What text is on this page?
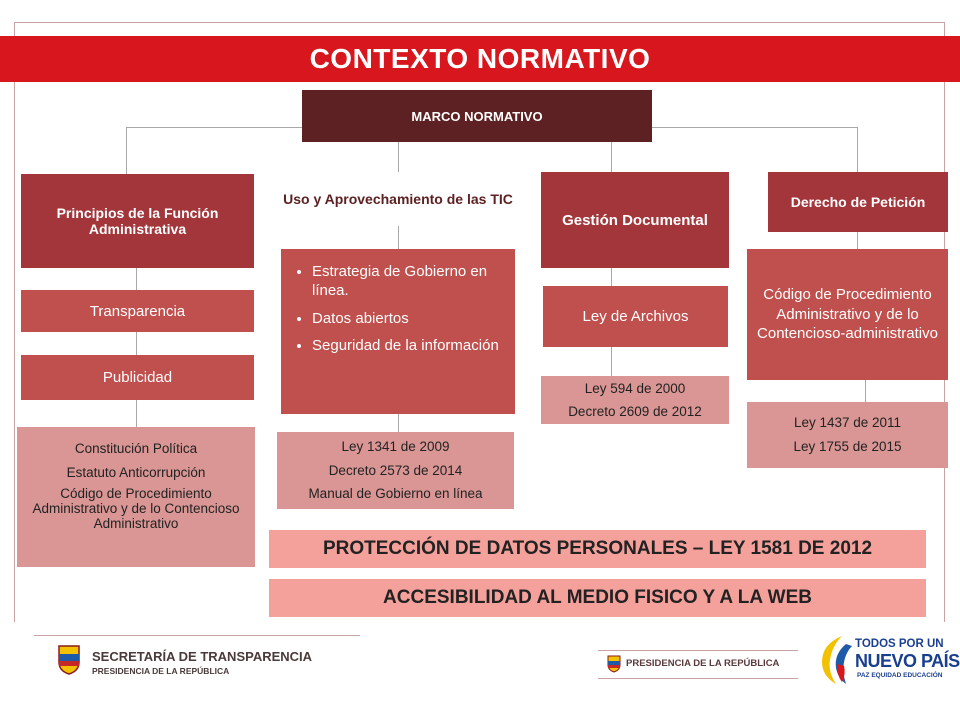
CONTEXTO NORMATIVO
MARCO NORMATIVO
Principios de la Función Administrativa
Transparencia
Publicidad
Constitución Política
Estatuto Anticorrupción
Código de Procedimiento Administrativo y de lo Contencioso Administrativo
Uso y Aprovechamiento de las TIC
• Estrategia de Gobierno en línea.
• Datos abiertos
• Seguridad de la información
Ley 1341 de 2009
Decreto 2573 de 2014
Manual de Gobierno en línea
Gestión Documental
Ley de Archivos
Ley 594 de 2000
Decreto 2609 de 2012
Derecho de Petición
Código de Procedimiento Administrativo y de lo Contencioso-administrativo
Ley 1437 de 2011
Ley 1755 de 2015
PROTECCIÓN DE DATOS PERSONALES – LEY 1581 DE 2012
ACCESIBILIDAD AL MEDIO FISICO Y A LA WEB
SECRETARÍA DE TRANSPARENCIA
PRESIDENCIA DE LA REPÚBLICA
PRESIDENCIA DE LA REPÚBLICA
TODOS POR UN
NUEVO PAÍS
PAZ EQUIDAD EDUCACIÓN
